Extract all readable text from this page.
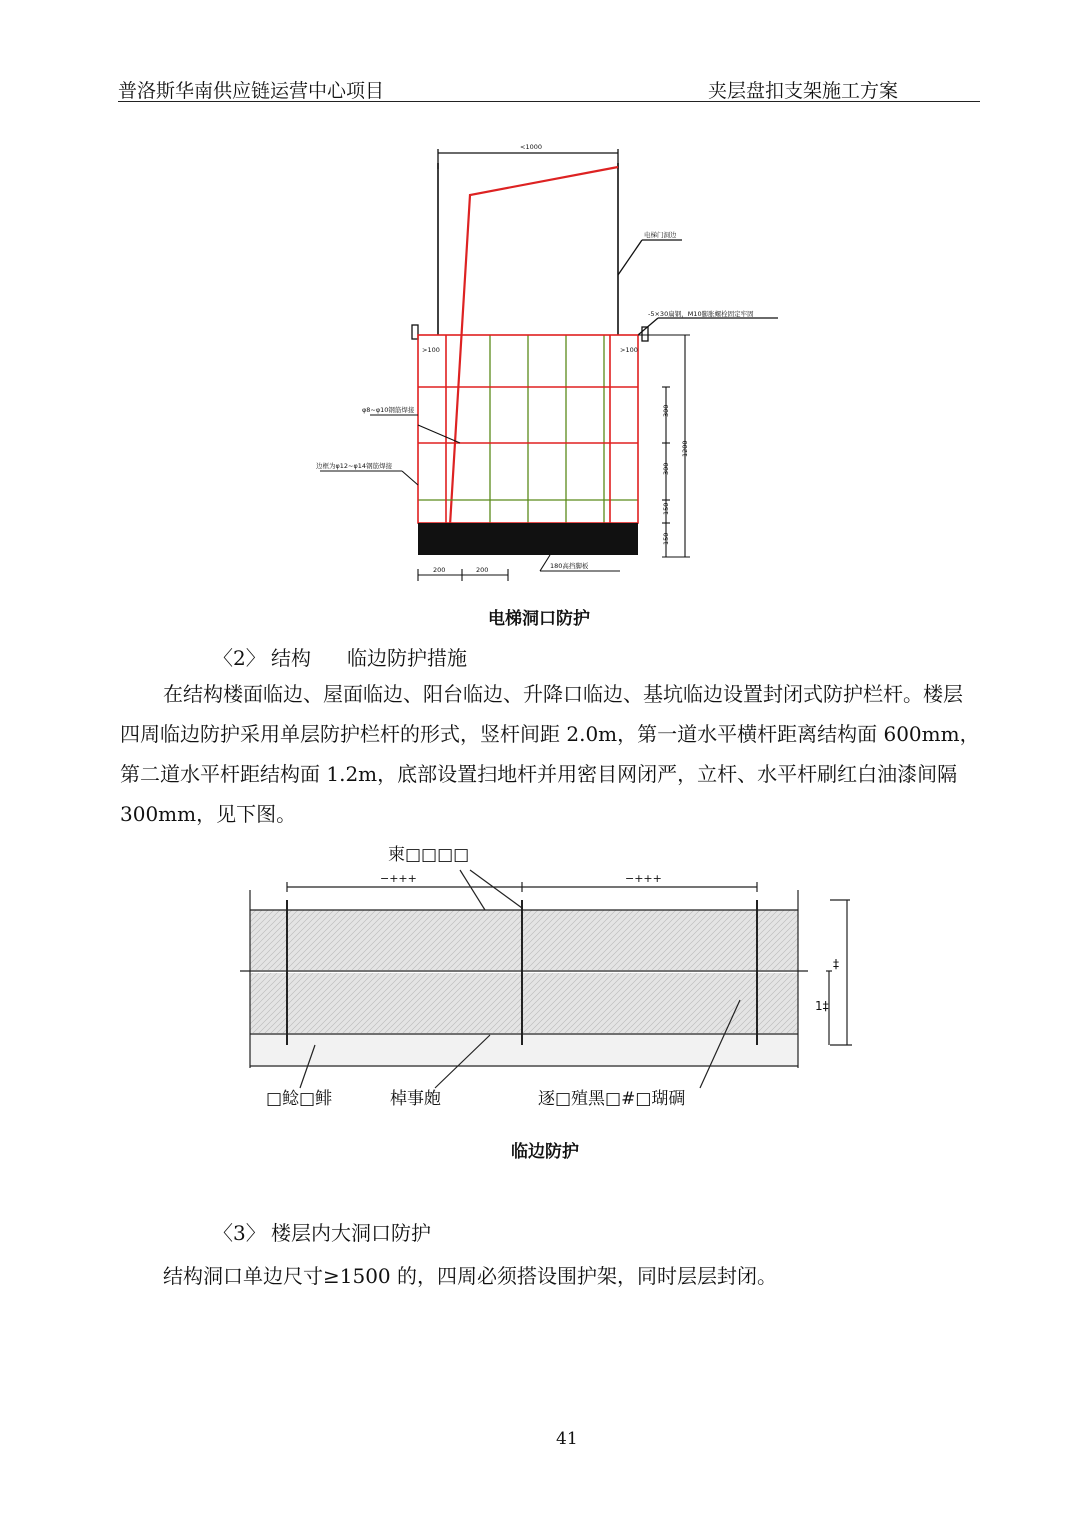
普洛斯华南供应链运营中心项目	夹层盘扣支架施工方案
<1000
电梯门洞边
-5×30扁钢，M10膨胀螺栓固定牢固
>100	>100
φ8~φ10钢筋焊接
边框为φ12~φ14钢筋焊接
300
300
150
150
1200
200	200	180高挡脚板
电梯洞口防护
〈2〉 结构 临边防护措施
在结构楼面临边、屋面临边、阳台临边、升降口临边、基坑临边设置封闭式防护栏杆。楼层四周临边防护采用单层防护栏杆的形式，竖杆间距 2.0m，第一道水平横杆距离结构面 600mm，第二道水平杆距结构面 1.2m，底部设置扫地杆并用密目网闭严，立杆、水平杆刷红白油漆间隔 300mm，见下图。
柬□□□□
−+++	−+++
‡
1‡
□鲶□鲱	棹事皰	逐□殖黑□#□瑚碉
临边防护
〈3〉 楼层内大洞口防护
结构洞口单边尺寸≥1500 的，四周必须搭设围护架，同时层层封闭。
41
